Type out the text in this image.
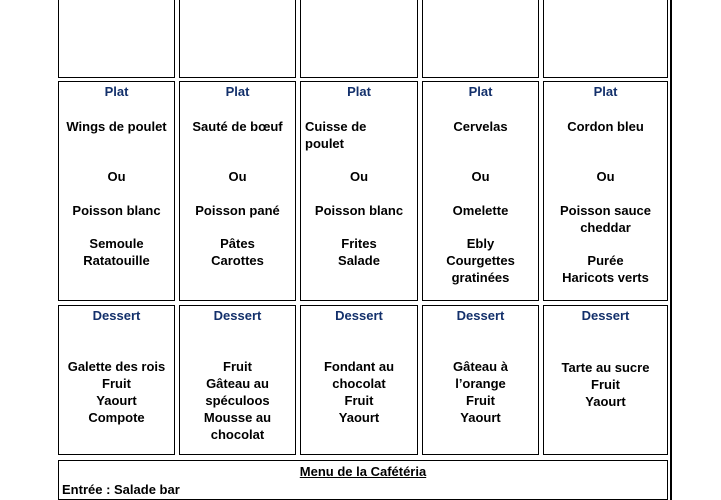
Plat
Wings de poulet
Ou
Poisson blanc
Semoule
Ratatouille
Plat
Sauté de bœuf
Ou
Poisson pané
Pâtes
Carottes
Plat
Cuisse de poulet
Ou
Poisson blanc
Frites
Salade
Plat
Cervelas
Ou
Omelette
Ebly
Courgettes gratinées
Plat
Cordon bleu
Ou
Poisson sauce cheddar
Purée
Haricots verts
Dessert
Galette des rois
Fruit
Yaourt
Compote
Dessert
Fruit
Gâteau au spéculoos
Mousse au chocolat
Dessert
Fondant au chocolat
Fruit
Yaourt
Dessert
Gâteau à l’orange
Fruit
Yaourt
Dessert
Tarte au sucre
Fruit
Yaourt
Menu de la Cafétéria
Entrée : Salade bar
